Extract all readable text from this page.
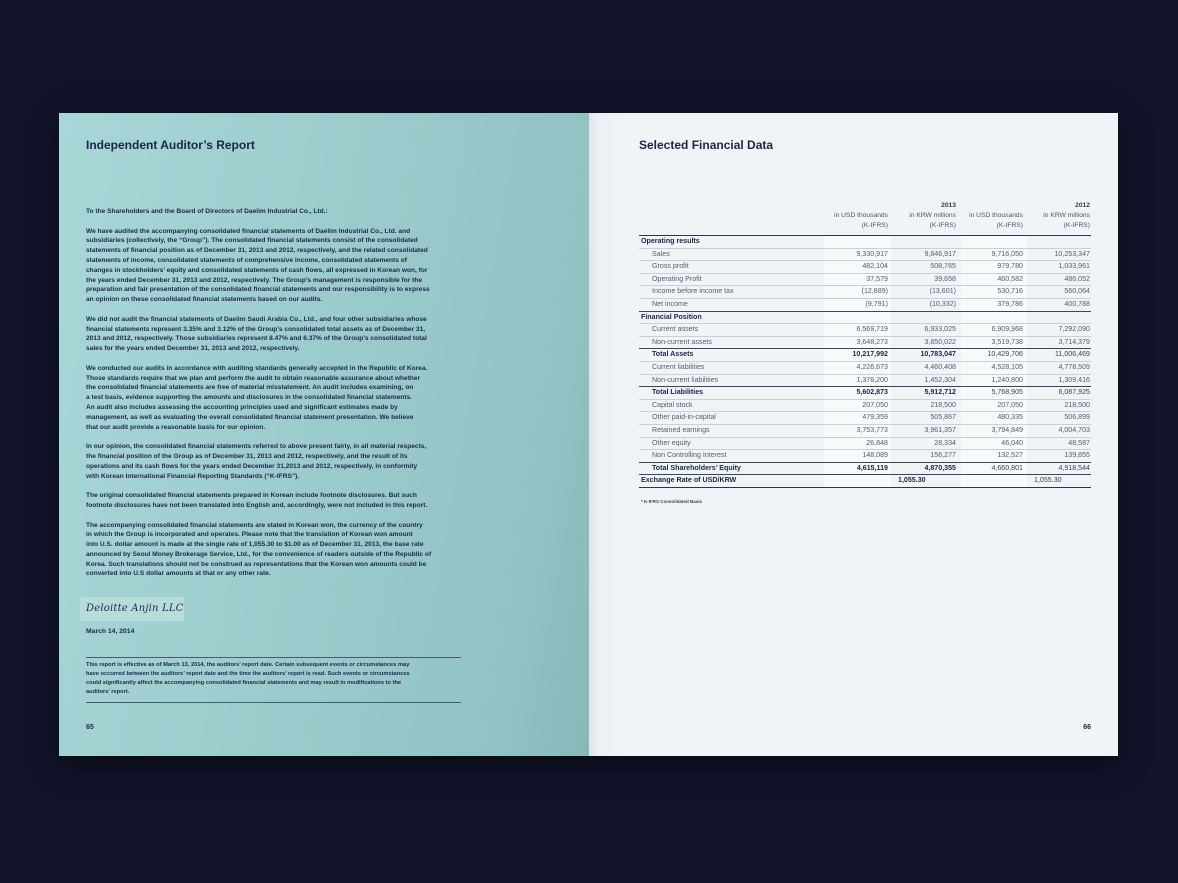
Independent Auditor’s Report
To the Shareholders and the Board of Directors of Daelim Industrial Co., Ltd.:
We have audited the accompanying consolidated financial statements of Daelim Industrial Co., Ltd. and
subsidiaries (collectively, the “Group”). The consolidated financial statements consist of the consolidated
statements of financial position as of December 31, 2013 and 2012, respectively, and the related consolidated
statements of income, consolidated statements of comprehensive income, consolidated statements of
changes in stockholders’ equity and consolidated statements of cash flows, all expressed in Korean won, for
the years ended December 31, 2013 and 2012, respectively. The Group’s management is responsible for the
preparation and fair presentation of the consolidated financial statements and our responsibility is to express
an opinion on these consolidated financial statements based on our audits.
We did not audit the financial statements of Daelim Saudi Arabia Co., Ltd., and four other subsidiaries whose
financial statements represent 3.35% and 3.12% of the Group’s consolidated total assets as of December 31,
2013 and 2012, respectively. Those subsidiaries represent 8.47% and 6.37% of the Group’s consolidated total
sales for the years ended December 31, 2013 and 2012, respectively.
We conducted our audits in accordance with auditing standards generally accepted in the Republic of Korea.
Those standards require that we plan and perform the audit to obtain reasonable assurance about whether
the consolidated financial statements are free of material misstatement. An audit includes examining, on
a test basis, evidence supporting the amounts and disclosures in the consolidated financial statements.
An audit also includes assessing the accounting principles used and significant estimates made by
management, as well as evaluating the overall consolidated financial statement presentation. We believe
that our audit provide a reasonable basis for our opinion.
In our opinion, the consolidated financial statements referred to above present fairly, in all material respects,
the financial position of the Group as of December 31, 2013 and 2012, respectively, and the result of its
operations and its cash flows for the years ended December 31,2013 and 2012, respectively, in conformity
with Korean International Financial Reporting Standards (“K-IFRS”).
The original consolidated financial statements prepared in Korean include footnote disclosures. But such
footnote disclosures have not been translated into English and, accordingly, were not included in this report.
The accompanying consolidated financial statements are stated in Korean won, the currency of the country
in which the Group is incorporated and operates. Please note that the translation of Korean won amount
into U.S. dollar amount is made at the single rate of 1,055.30 to $1.00 as of December 31, 2013, the base rate
announced by Seoul Money Brokerage Service, Ltd., for the convenience of readers outside of the Republic of
Korea. Such translations should not be construed as representations that the Korean won amounts could be
converted into U.S dollar amounts at that or any other rate.
Deloitte Anjin LLC
March 14, 2014
This report is effective as of March 13, 2014, the auditors’ report date. Certain subsequent events or circumstances may
have occurred between the auditors’ report date and the time the auditors’ report is read. Such events or circumstances
could significantly affect the accompanying consolidated financial statements and may result in modifications to the
auditors’ report.
65
Selected Financial Data
		2013		2012
	in USD thousands	in KRW millions	in USD thousands	in KRW millions
	(K-IFRS)	(K-IFRS)	(K-IFRS)	(K-IFRS)
Operating results				
Sales	9,330,917	9,846,917	9,716,050	10,253,347
Gross profit	482,104	508,765	979,780	1,033,961
Operating Profit	37,579	39,658	460,582	486,052
Income before income tax	(12,889)	(13,601)	530,716	560,064
Net income	(9,791)	(10,332)	379,786	400,788
Financial Position				
Current assets	6,569,719	6,933,025	6,909,968	7,292,090
Non-current assets	3,648,273	3,850,022	3,519,738	3,714,379
Total Assets	10,217,992	10,783,047	10,429,706	11,006,469
Current liabilities	4,226,673	4,460,408	4,528,105	4,778,509
Non-current liabilities	1,376,200	1,452,304	1,240,800	1,309,416
Total Liabilities	5,602,873	5,912,712	5,768,905	6,087,925
Capital stock	207,050	218,500	207,050	218,500
Other paid-in-capital	479,359	505,867	480,335	506,899
Retained earnings	3,753,773	3,961,357	3,794,849	4,004,703
Other equity	26,848	28,334	46,040	48,587
Non Controlling Interest	148,089	156,277	132,527	139,855
Total Shareholders’ Equity	4,615,119	4,870,355	4,660,801	4,918,544
Exchange Rate of USD/KRW		1,055.30		1,055.30
* K-IFRS Consolidated Basis
66
